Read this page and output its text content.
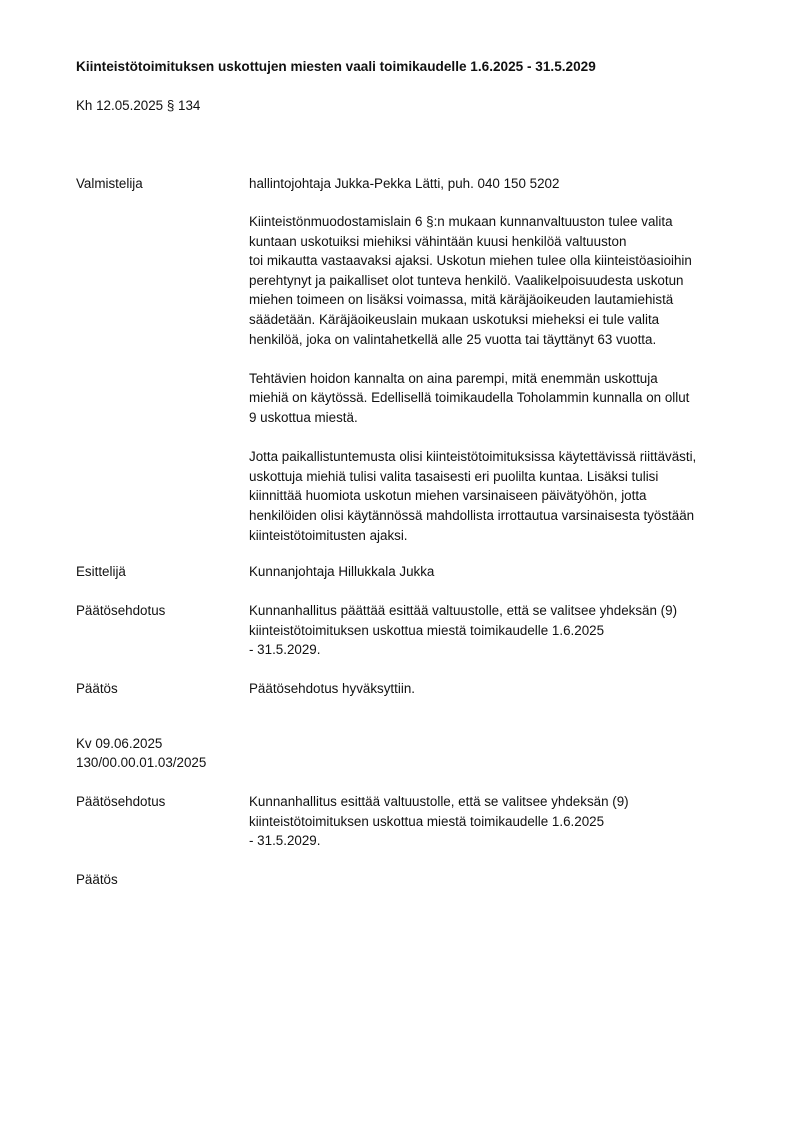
Kiinteistötoimituksen uskottujen miesten vaali toimikaudelle 1.6.2025 - 31.5.2029
Kh 12.05.2025 § 134
Valmistelija	hallintojohtaja Jukka-Pekka Lätti, puh. 040 150 5202

Kiinteistönmuodostamislain 6 §:n mukaan kunnanvaltuuston tulee valita

kuntaan uskotuiksi miehiksi vähintään kuusi henkilöä valtuuston

toi mikautta vastaavaksi ajaksi. Uskotun miehen tulee olla kiinteistöasioihin

perehtynyt ja paikalliset olot tunteva henkilö. Vaalikelpoisuudesta uskotun

miehen toimeen on lisäksi voimassa, mitä käräjäoikeuden lautamiehistä

säädetään. Käräjäoikeuslain mukaan uskotuksi mieheksi ei tule valita

henkilöä, joka on valintahetkellä alle 25 vuotta tai täyttänyt 63 vuotta.

Tehtävien hoidon kannalta on aina parempi, mitä enemmän uskottuja

miehiä on käytössä. Edellisellä toimikaudella Toholammin kunnalla on ollut

9 uskottua miestä.

Jotta paikallistuntemusta olisi kiinteistötoimituksissa käytettävissä riittävästi,

uskottuja miehiä tulisi valita tasaisesti eri puolilta kuntaa. Lisäksi tulisi

kiinnittää huomiota uskotun miehen varsinaiseen päivätyöhön, jotta

henkilöiden olisi käytännössä mahdollista irrottautua varsinaisesta työstään

kiinteistötoimitusten ajaksi.

Esittelijä	Kunnanjohtaja Hillukkala Jukka
Päätösehdotus	Kunnanhallitus päättää esittää valtuustolle, että se valitsee yhdeksän (9)

kiinteistötoimituksen uskottua miestä toimikaudelle 1.6.2025

- 31.5.2029.

Päätös	Päätösehdotus hyväksyttiin.
Kv 09.06.2025
130/00.00.01.03/2025
Päätösehdotus	Kunnanhallitus esittää valtuustolle, että se valitsee yhdeksän (9)

kiinteistötoimituksen uskottua miestä toimikaudelle 1.6.2025

- 31.5.2029.

Päätös
